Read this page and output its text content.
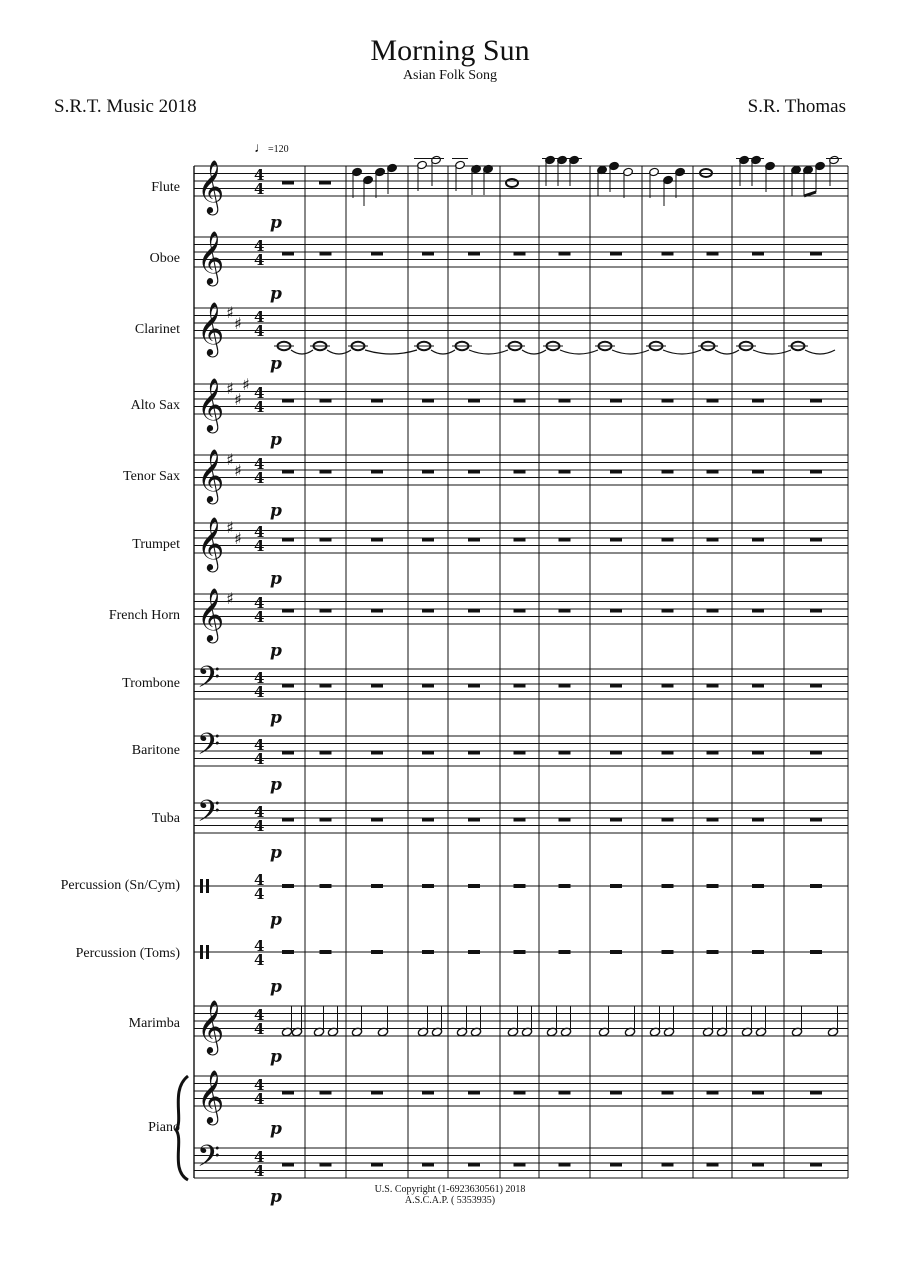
Morning Sun
Asian Folk Song
S.R.T. Music 2018	S.R. Thomas
♩=120
Flute
Oboe
Clarinet
Alto Sax
Tenor Sax
Trumpet
French Horn
Trombone
Baritone
Tuba
Percussion (Sn/Cym)
Percussion (Toms)
Marimba
Piano
𝄞
𝄞
𝄞
𝄞
𝄞
𝄞
𝄞
𝄢
𝄢
𝄢
𝄞
𝄞
𝄢
♯
♯
♯
♯
♯
♯
♯
♯
♯
♯
4
4
4
4
4
4
4
4
4
4
4
4
4
4
4
4
4
4
4
4
4
4
4
4
4
4
4
4
4
4
p
p
p
p
p
p
p
p
p
p
p
p
p
p
p	U.S. Copyright (1-6923630561) 2018
A.S.C.A.P. ( 5353935)
